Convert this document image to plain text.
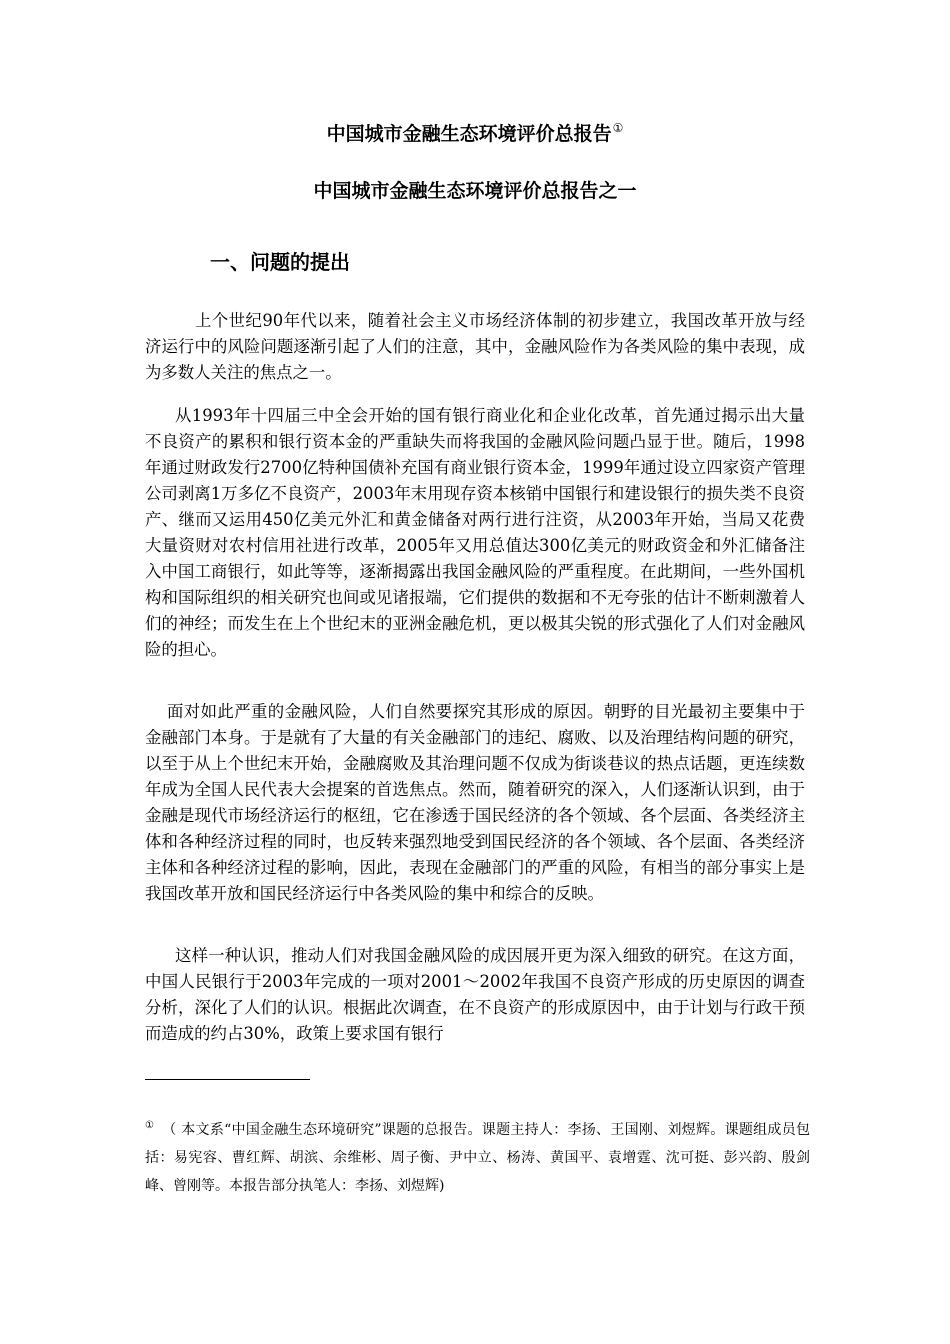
中国城市金融生态环境评价总报告①
中国城市金融生态环境评价总报告之一
一、问题的提出

上个世纪90年代以来，随着社会主义市场经济体制的初步建立，我国改革开放与经济运行中的风险问题逐渐引起了人们的注意，其中，金融风险作为各类风险的集中表现，成为多数人关注的焦点之一。

从1993年十四届三中全会开始的国有银行商业化和企业化改革，首先通过揭示出大量不良资产的累积和银行资本金的严重缺失而将我国的金融风险问题凸显于世。随后，1998年通过财政发行2700亿特种国债补充国有商业银行资本金，1999年通过设立四家资产管理公司剥离1万多亿不良资产，2003年末用现存资本核销中国银行和建设银行的损失类不良资产、继而又运用450亿美元外汇和黄金储备对两行进行注资，从2003年开始，当局又花费大量资财对农村信用社进行改革，2005年又用总值达300亿美元的财政资金和外汇储备注入中国工商银行，如此等等，逐渐揭露出我国金融风险的严重程度。在此期间，一些外国机构和国际组织的相关研究也间或见诸报端，它们提供的数据和不无夸张的估计不断刺激着人们的神经；而发生在上个世纪末的亚洲金融危机，更以极其尖锐的形式强化了人们对金融风险的担心。

面对如此严重的金融风险，人们自然要探究其形成的原因。朝野的目光最初主要集中于金融部门本身。于是就有了大量的有关金融部门的违纪、腐败、以及治理结构问题的研究，以至于从上个世纪末开始，金融腐败及其治理问题不仅成为街谈巷议的热点话题，更连续数年成为全国人民代表大会提案的首选焦点。然而，随着研究的深入，人们逐渐认识到，由于金融是现代市场经济运行的枢纽，它在渗透于国民经济的各个领域、各个层面、各类经济主体和各种经济过程的同时，也反转来强烈地受到国民经济的各个领域、各个层面、各类经济主体和各种经济过程的影响，因此，表现在金融部门的严重的风险，有相当的部分事实上是我国改革开放和国民经济运行中各类风险的集中和综合的反映。

这样一种认识，推动人们对我国金融风险的成因展开更为深入细致的研究。在这方面，中国人民银行于2003年完成的一项对2001～2002年我国不良资产形成的历史原因的调查分析，深化了人们的认识。根据此次调查，在不良资产的形成原因中，由于计划与行政干预而造成的约占30%，政策上要求国有银行

① （ 本文系“中国金融生态环境研究”课题的总报告。课题主持人：李扬、王国刚、刘煜辉。课题组成员包括：易宪容、曹红辉、胡滨、余维彬、周子衡、尹中立、杨涛、黄国平、袁增霆、沈可挺、彭兴韵、殷剑峰、曾刚等。本报告部分执笔人：李扬、刘煜辉)
